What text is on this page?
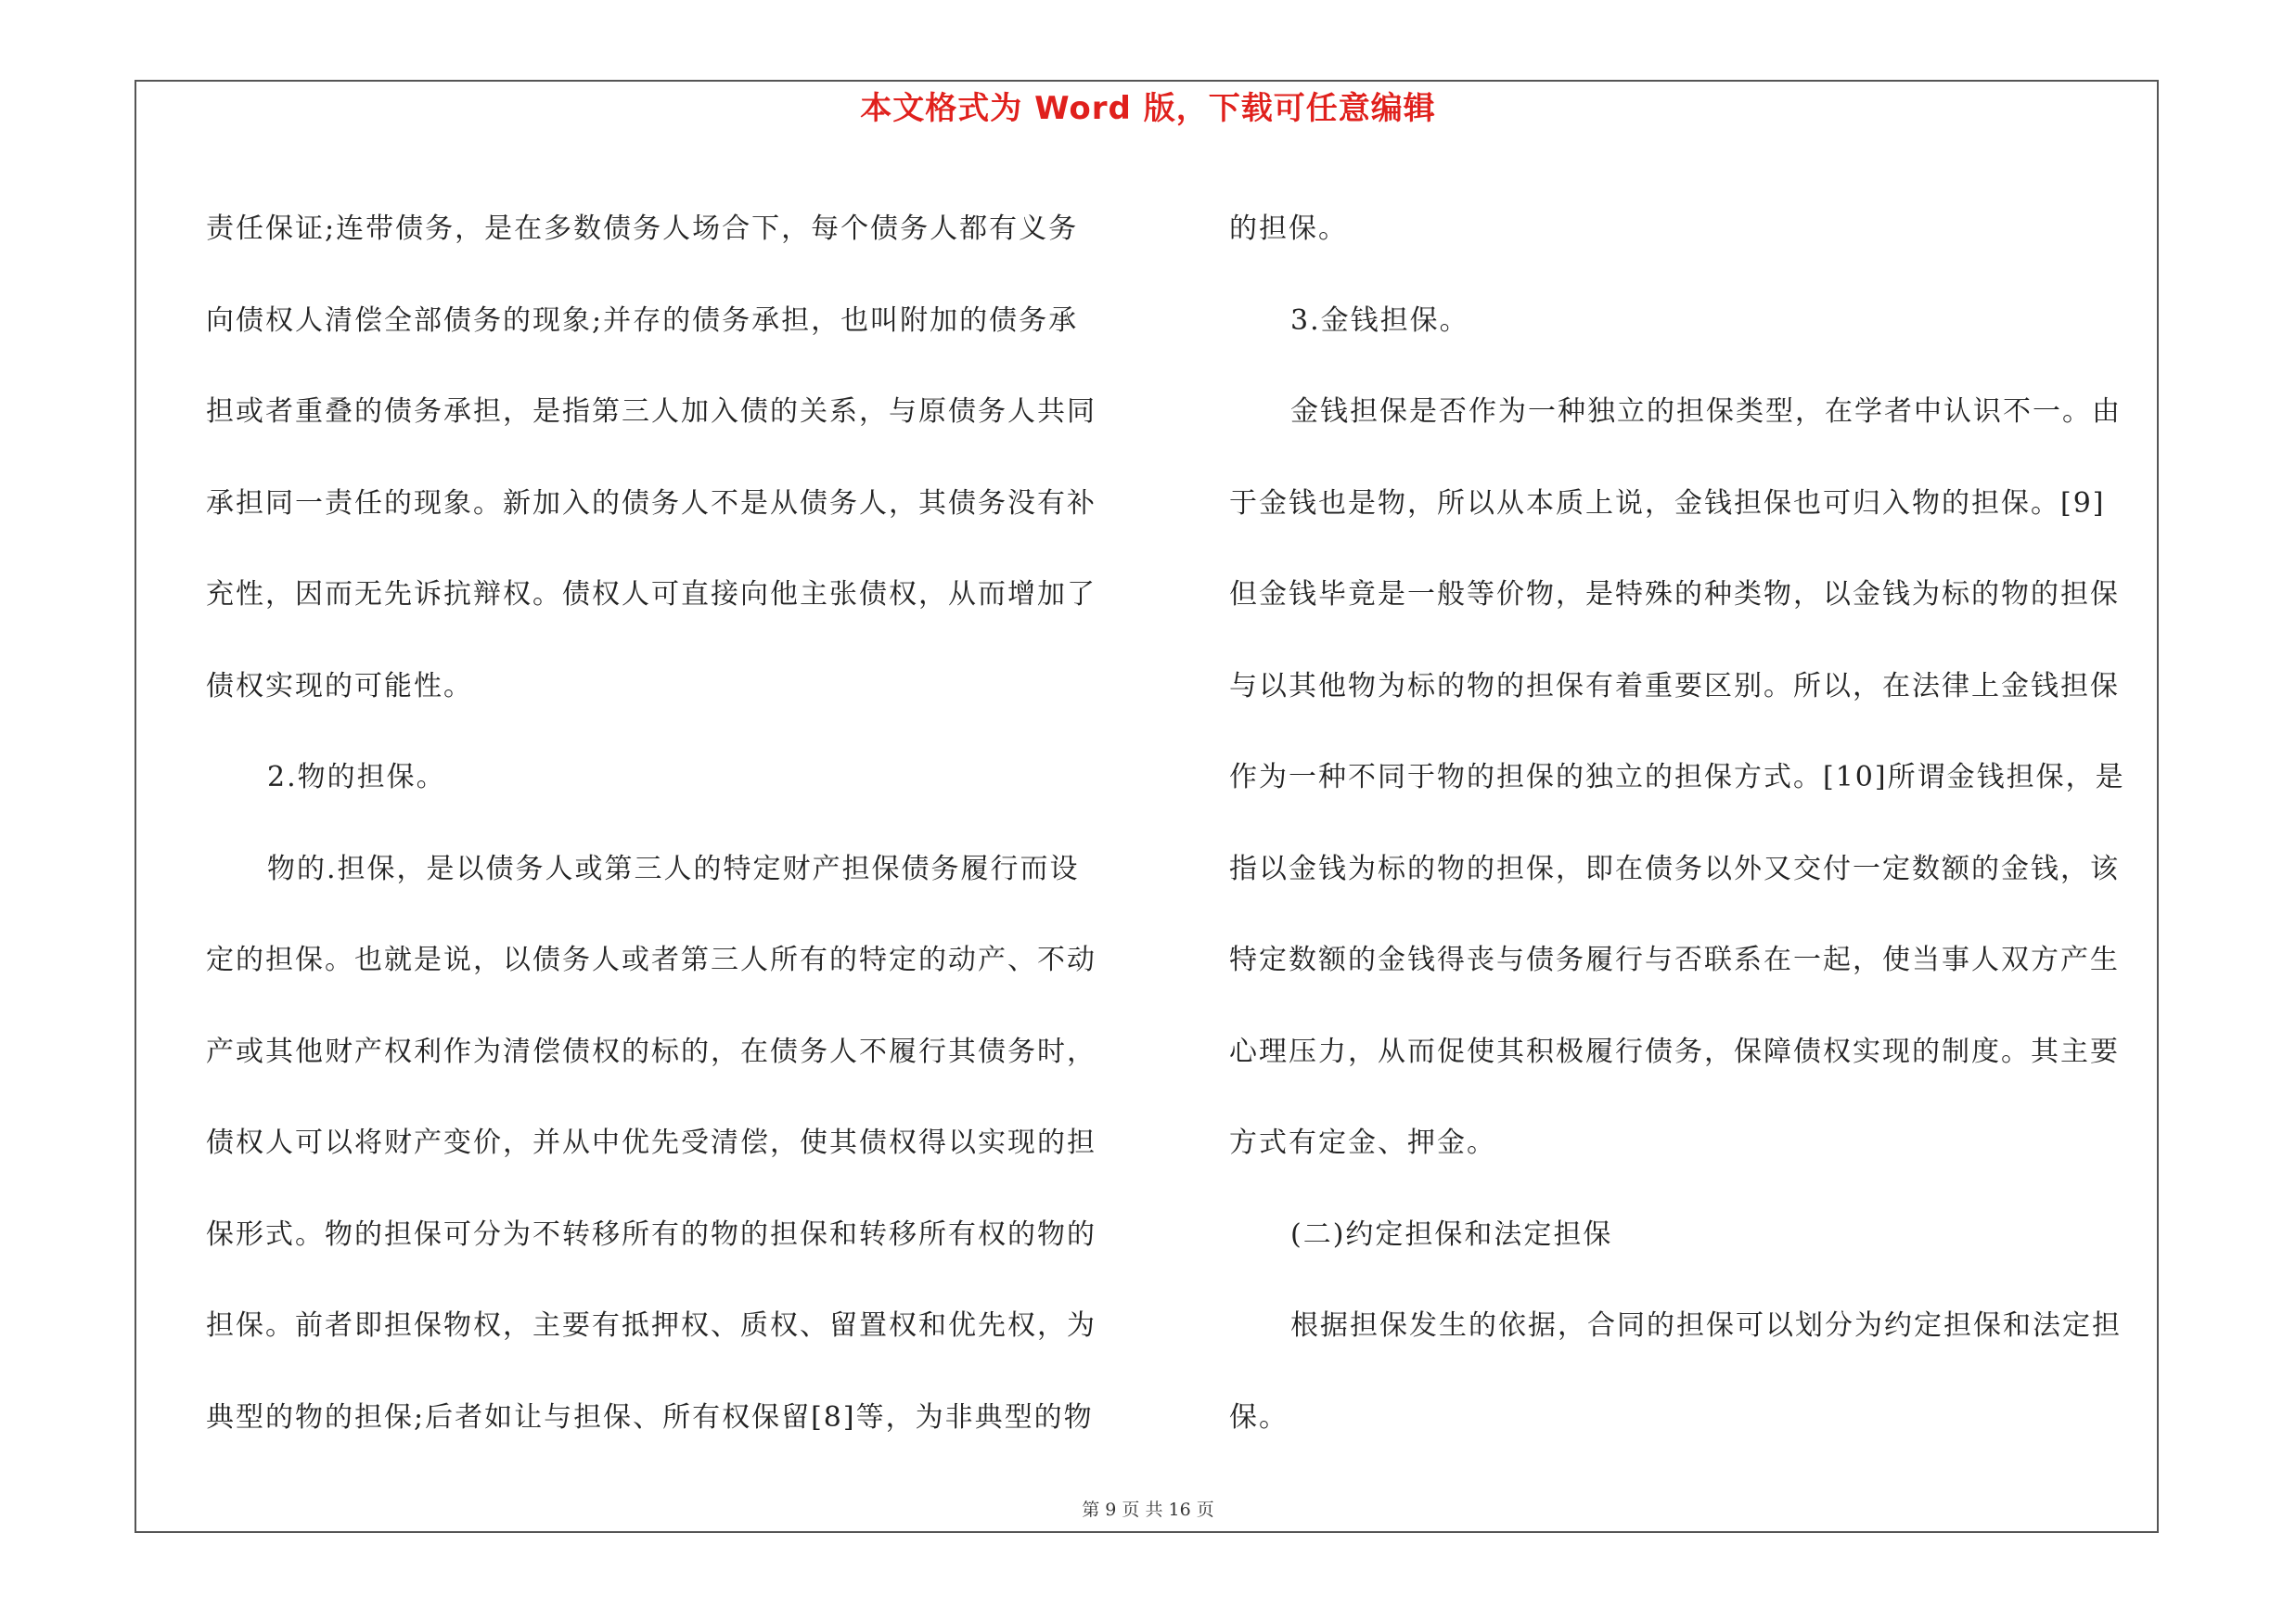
本文格式为 Word 版，下载可任意编辑

责任保证;连带债务，是在多数债务人场合下，每个债务人都有义务

向债权人清偿全部债务的现象;并存的债务承担，也叫附加的债务承

担或者重叠的债务承担，是指第三人加入债的关系，与原债务人共同

承担同一责任的现象。新加入的债务人不是从债务人，其债务没有补

充性，因而无先诉抗辩权。债权人可直接向他主张债权，从而增加了

债权实现的可能性。

2.物的担保。

物的.担保，是以债务人或第三人的特定财产担保债务履行而设

定的担保。也就是说，以债务人或者第三人所有的特定的动产、不动

产或其他财产权利作为清偿债权的标的，在债务人不履行其债务时，

债权人可以将财产变价，并从中优先受清偿，使其债权得以实现的担

保形式。物的担保可分为不转移所有的物的担保和转移所有权的物的

担保。前者即担保物权，主要有抵押权、质权、留置权和优先权，为

典型的物的担保;后者如让与担保、所有权保留[8]等，为非典型的物

的担保。

3.金钱担保。

金钱担保是否作为一种独立的担保类型，在学者中认识不一。由

于金钱也是物，所以从本质上说，金钱担保也可归入物的担保。[9]

但金钱毕竟是一般等价物，是特殊的种类物，以金钱为标的物的担保

与以其他物为标的物的担保有着重要区别。所以，在法律上金钱担保

作为一种不同于物的担保的独立的担保方式。[10]所谓金钱担保，是

指以金钱为标的物的担保，即在债务以外又交付一定数额的金钱，该

特定数额的金钱得丧与债务履行与否联系在一起，使当事人双方产生

心理压力，从而促使其积极履行债务，保障债权实现的制度。其主要

方式有定金、押金。

(二)约定担保和法定担保

根据担保发生的依据，合同的担保可以划分为约定担保和法定担

保。

第 9 页 共 16 页
